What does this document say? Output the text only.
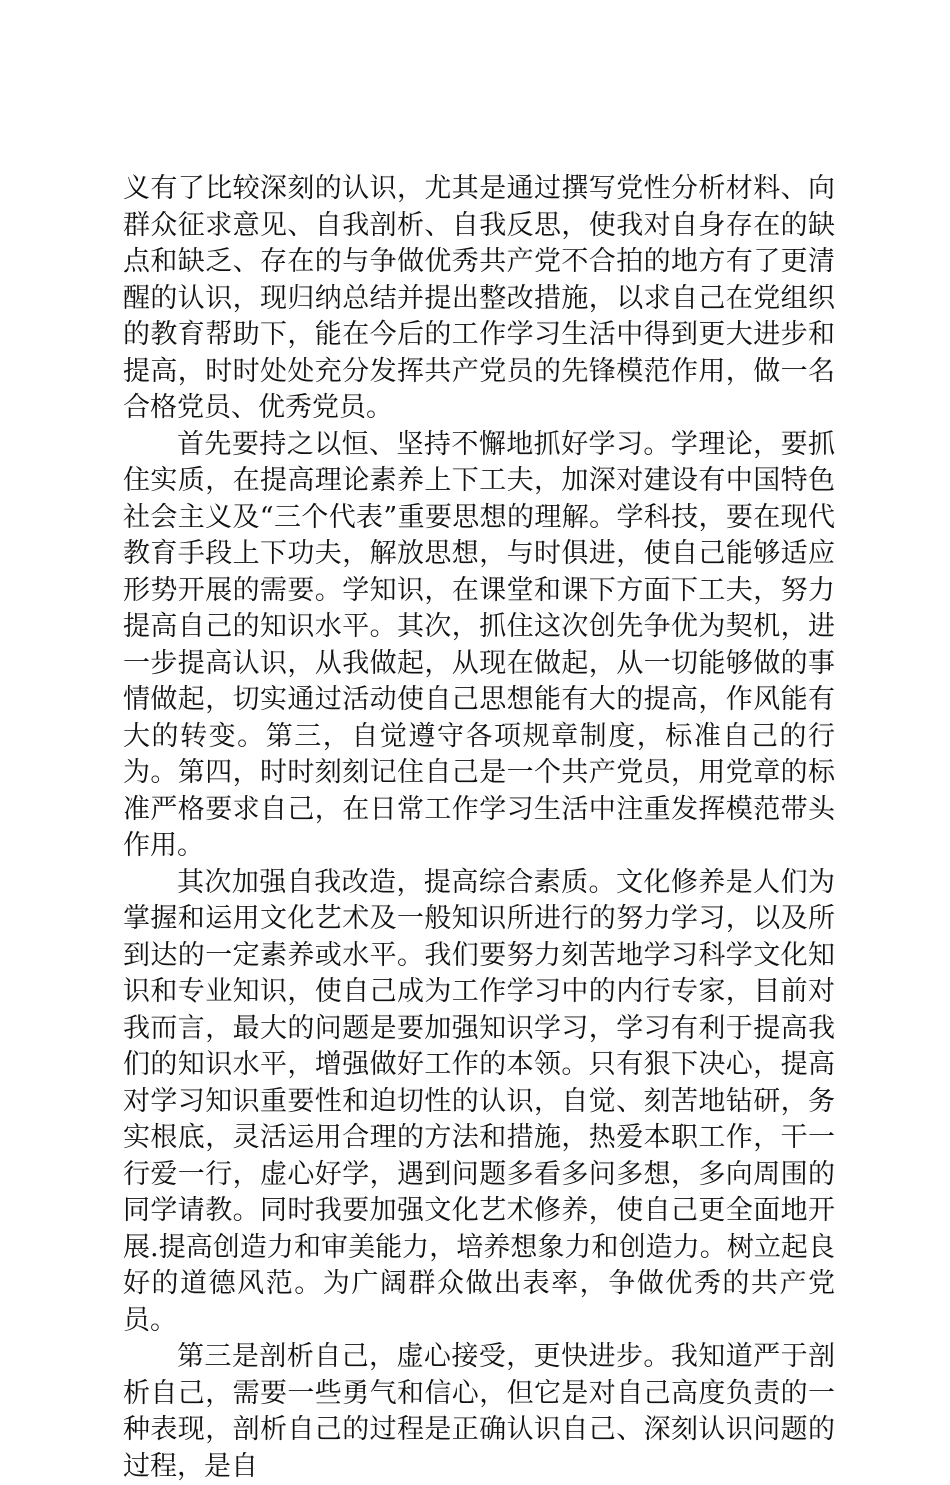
义有了比较深刻的认识，尤其是通过撰写党性分析材料、向群众征求意见、自我剖析、自我反思，使我对自身存在的缺点和缺乏、存在的与争做优秀共产党不合拍的地方有了更清醒的认识，现归纳总结并提出整改措施，以求自己在党组织的教育帮助下，能在今后的工作学习生活中得到更大进步和提高，时时处处充分发挥共产党员的先锋模范作用，做一名合格党员、优秀党员。

首先要持之以恒、坚持不懈地抓好学习。学理论，要抓住实质，在提高理论素养上下工夫，加深对建设有中国特色社会主义及“三个代表”重要思想的理解。学科技，要在现代教育手段上下功夫，解放思想，与时俱进，使自己能够适应形势开展的需要。学知识，在课堂和课下方面下工夫，努力提高自己的知识水平。其次，抓住这次创先争优为契机，进一步提高认识，从我做起，从现在做起，从一切能够做的事情做起，切实通过活动使自己思想能有大的提高，作风能有大的转变。第三，自觉遵守各项规章制度，标准自己的行为。第四，时时刻刻记住自己是一个共产党员，用党章的标准严格要求自己，在日常工作学习生活中注重发挥模范带头作用。

其次加强自我改造，提高综合素质。文化修养是人们为掌握和运用文化艺术及一般知识所进行的努力学习，以及所到达的一定素养或水平。我们要努力刻苦地学习科学文化知识和专业知识，使自己成为工作学习中的内行专家，目前对我而言，最大的问题是要加强知识学习，学习有利于提高我们的知识水平，增强做好工作的本领。只有狠下决心，提高对学习知识重要性和迫切性的认识，自觉、刻苦地钻研，务实根底，灵活运用合理的方法和措施，热爱本职工作，干一行爱一行，虚心好学，遇到问题多看多问多想，多向周围的同学请教。同时我要加强文化艺术修养，使自己更全面地开展.提高创造力和审美能力，培养想象力和创造力。树立起良好的道德风范。为广阔群众做出表率，争做优秀的共产党员。

第三是剖析自己，虚心接受，更快进步。我知道严于剖析自己，需要一些勇气和信心，但它是对自己高度负责的一种表现，剖析自己的过程是正确认识自己、深刻认识问题的过程，是自
